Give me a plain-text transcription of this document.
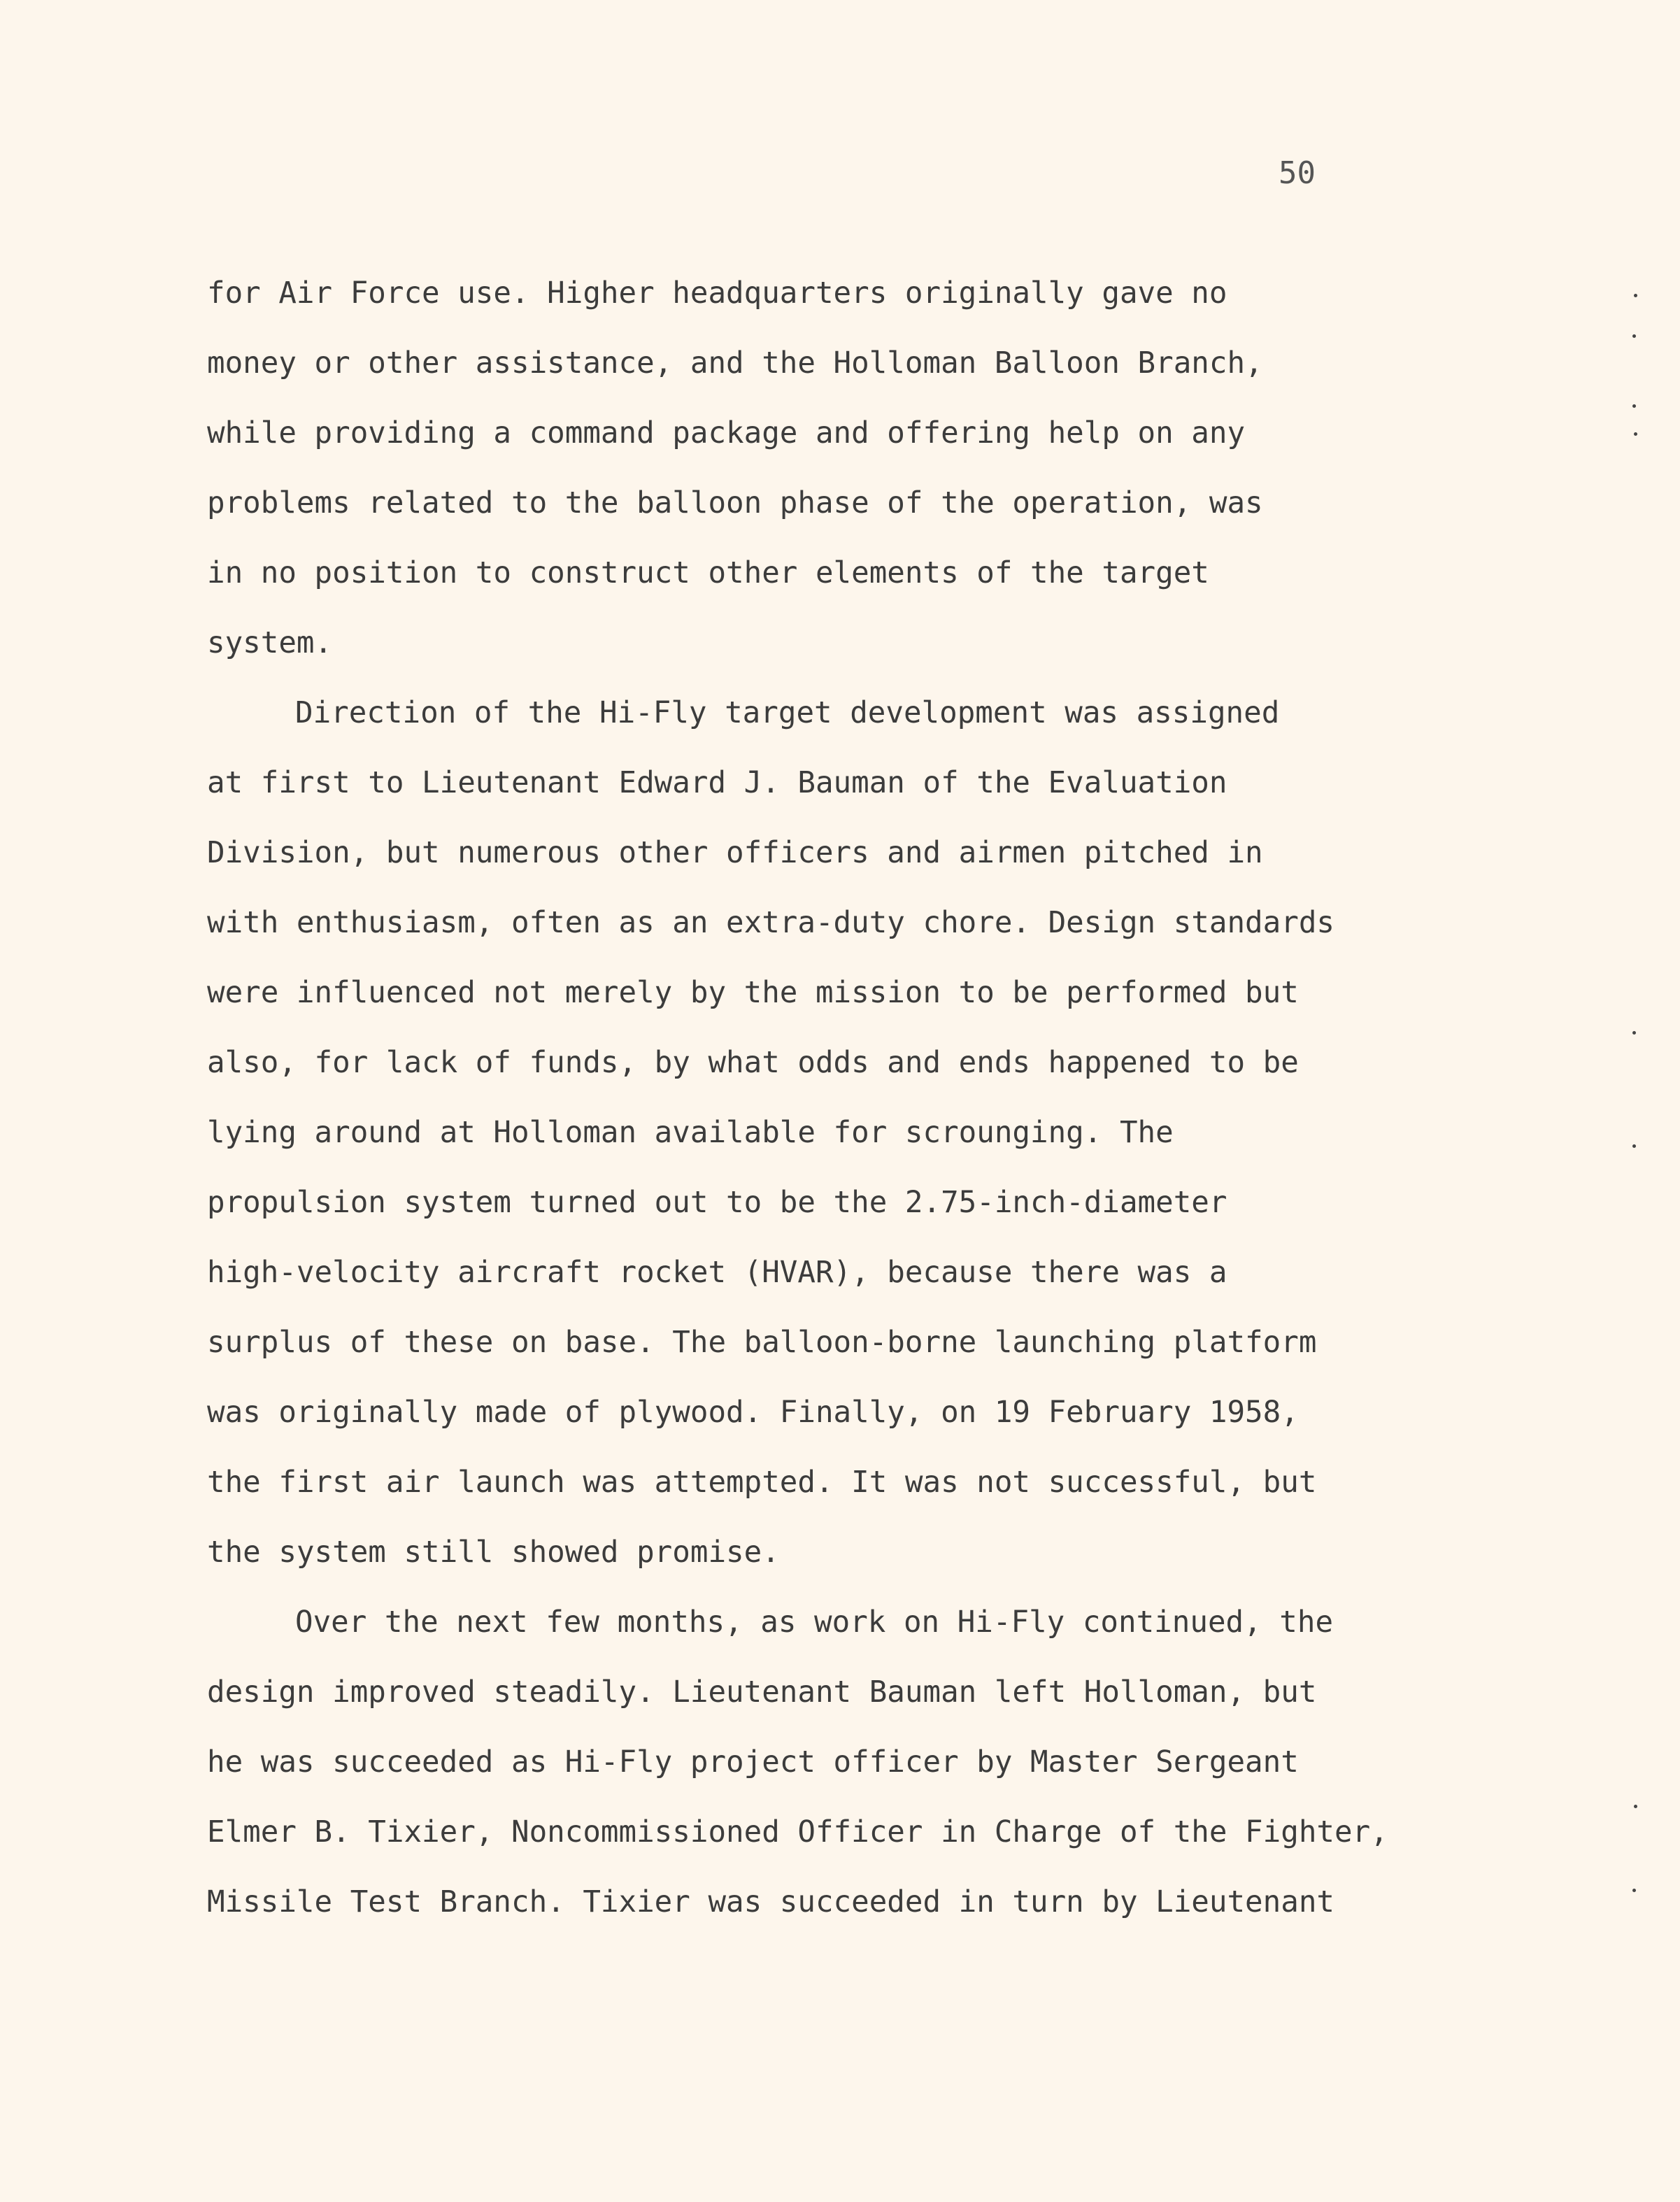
50
for Air Force use. Higher headquarters originally gave no
money or other assistance, and the Holloman Balloon Branch,
while providing a command package and offering help on any
problems related to the balloon phase of the operation, was
in no position to construct other elements of the target
system.
Direction of the Hi-Fly target development was assigned
at first to Lieutenant Edward J. Bauman of the Evaluation
Division, but numerous other officers and airmen pitched in
with enthusiasm, often as an extra-duty chore. Design standards
were influenced not merely by the mission to be performed but
also, for lack of funds, by what odds and ends happened to be
lying around at Holloman available for scrounging. The
propulsion system turned out to be the 2.75-inch-diameter
high-velocity aircraft rocket (HVAR), because there was a
surplus of these on base. The balloon-borne launching platform
was originally made of plywood. Finally, on 19 February 1958,
the first air launch was attempted. It was not successful, but
the system still showed promise.
Over the next few months, as work on Hi-Fly continued, the
design improved steadily. Lieutenant Bauman left Holloman, but
he was succeeded as Hi-Fly project officer by Master Sergeant
Elmer B. Tixier, Noncommissioned Officer in Charge of the Fighter,
Missile Test Branch. Tixier was succeeded in turn by Lieutenant
